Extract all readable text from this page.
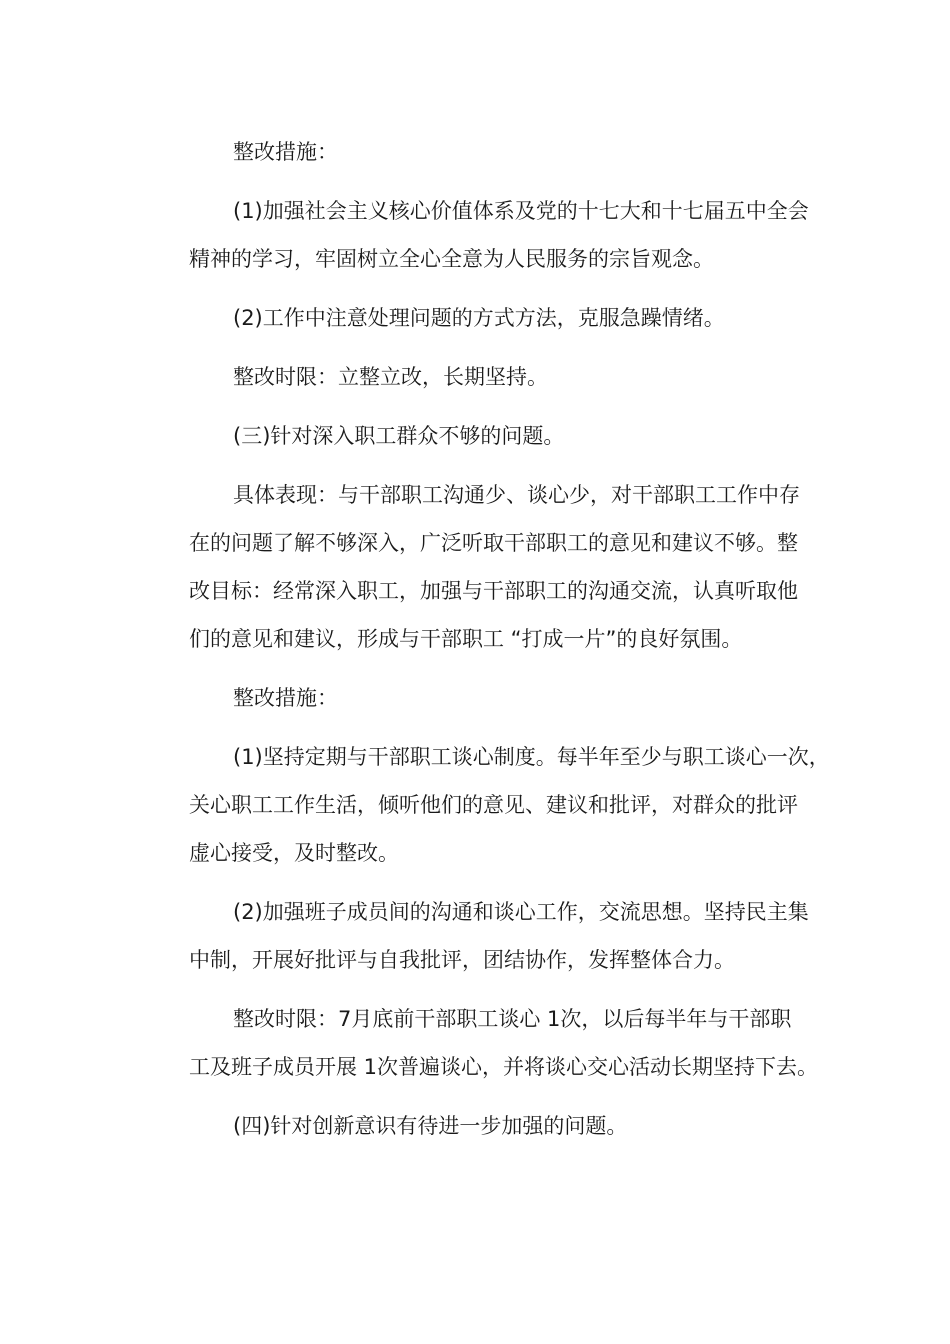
整改措施：
(1)加强社会主义核心价值体系及党的十七大和十七届五中全会
精神的学习，牢固树立全心全意为人民服务的宗旨观念。
(2)工作中注意处理问题的方式方法，克服急躁情绪。
整改时限：立整立改，长期坚持。
(三)针对深入职工群众不够的问题。
具体表现：与干部职工沟通少、谈心少，对干部职工工作中存
在的问题了解不够深入，广泛听取干部职工的意见和建议不够。整
改目标：经常深入职工，加强与干部职工的沟通交流，认真听取他
们的意见和建议，形成与干部职工 “打成一片”的良好氛围。
整改措施：
(1)坚持定期与干部职工谈心制度。每半年至少与职工谈心一次，
关心职工工作生活，倾听他们的意见、建议和批评，对群众的批评
虚心接受，及时整改。
(2)加强班子成员间的沟通和谈心工作，交流思想。坚持民主集
中制，开展好批评与自我批评，团结协作，发挥整体合力。
整改时限：7月底前干部职工谈心 1次，以后每半年与干部职
工及班子成员开展 1次普遍谈心，并将谈心交心活动长期坚持下去。
(四)针对创新意识有待进一步加强的问题。
